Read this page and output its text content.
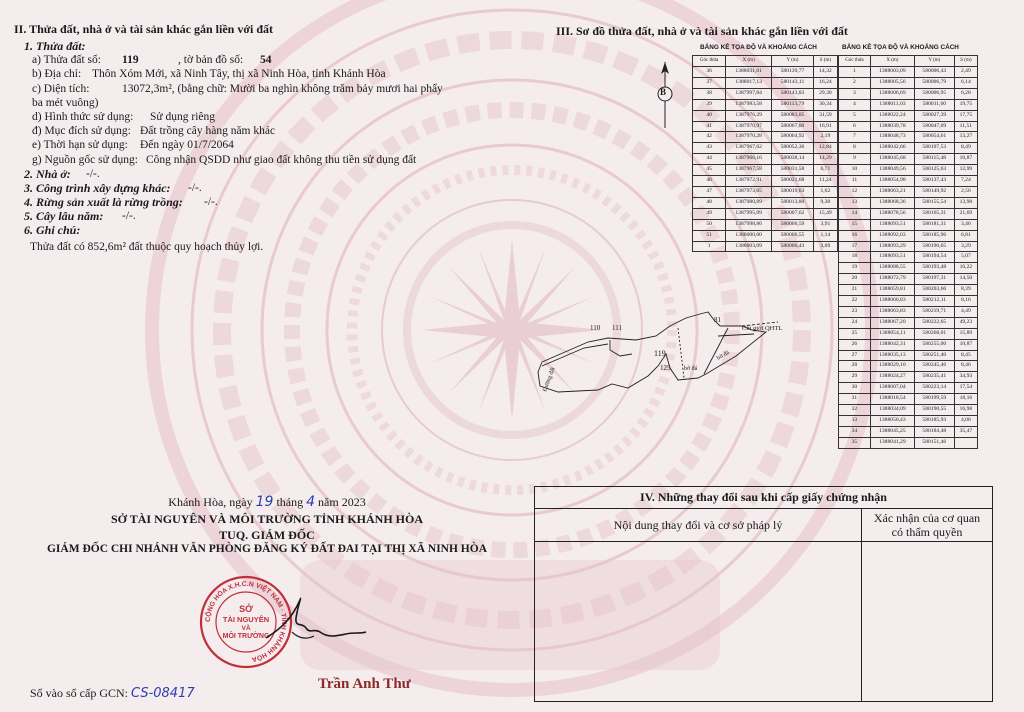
II. Thửa đất, nhà ở và tài sản khác gắn liền với đất
1. Thửa đất:
a) Thửa đất số: 119	, tờ bản đồ số: 54
b) Địa chỉ: Thôn Xóm Mới, xã Ninh Tây, thị xã Ninh Hòa, tỉnh Khánh Hòa
c) Diện tích:	13072,3m², (bằng chữ: Mười ba nghìn không trăm bảy mươi hai phẩy
ba mét vuông)
d) Hình thức sử dụng: Sử dụng riêng
đ) Mục đích sử dụng: Đất trồng cây hàng năm khác
e) Thời hạn sử dụng: Đến ngày 01/7/2064
g) Nguồn gốc sử dụng: Công nhận QSDD như giao đất không thu tiền sử dụng đất
2. Nhà ở: -/-.
3. Công trình xây dựng khác: -/-.
4. Rừng sản xuất là rừng trồng: -/-.
5. Cây lâu năm: -/-.
6. Ghi chú:
Thửa đất có 852,6m² đất thuộc quy hoạch thủy lợi.
III. Sơ đồ thửa đất, nhà ở và tài sản khác gắn liền với đất
BẢNG KÊ TỌA ĐỘ VÀ KHOẢNG CÁCH	BẢNG KÊ TỌA ĐỘ VÀ KHOẢNG CÁCH
Góc thửa	X (m)	Y (m)	S (m)
36	1388031,01	580139,77	14,32
37	1388017,13	580143,11	16,24
38	1387997,84	580143,83	29,30
39	1387983,58	580113,79	30,34
40	1387976,29	580083,05	31,59
41	1387970,97	580067,00	16,91
42	1387970,28	580064,92	2,19
43	1387967,62	580052,36	12,84
44	1387966,16	580038,14	14,29
45	1387967,58	580031,58	6,71
46	1387972,91	580021,68	11,24
47	1387973,65	580019,63	1,62
48	1387980,89	580013,80	9,30
49	1387995,09	580007,62	15,49
50	1387998,86	580006,59	3,91
51	1388000,00	580006,55	1,14
1	1388003,09	580006,43	3,09
Góc thửa	X (m)	Y (m)	S (m)
1	1388003,09	580006,43	2,49
2	1388005,56	580006,79	6,14
3	1388006,69	580006,95	6,28
4	1388011,03	580011,60	19,75
5	1388022,24	580027,39	17,75
6	1388039,78	580047,69	11,51
7	1388048,73	580054,61	13,27
8	1388042,66	580107,53	8,49
9	1388045,68	580115,48	10,87
10	1388049,56	580125,63	12,99
11	1388054,98	580137,43	7,24
12	1388063,21	580149,92	2,56
13	1388068,36	580155,54	13,98
14	1388078,56	580165,31	21,69
15	1388093,51	580181,31	3,46
16	1388092,03	580185,96	6,81
17	1388093,29	580190,65	3,29
18	1388093,51	580194,54	5,07
19	1388088,55	580193,48	16,22
20	1388072,79	580197,31	14,50
21	1388059,81	580203,66	8,39
22	1388060,83	580212,11	8,16
23	1388063,83	580219,71	4,49
24	1388067,20	580222,65	49,23
25	1388054,11	580268,01	15,89
26	1388042,31	580255,00	10,87
27	1388035,13	580251,40	8,45
28	1388029,10	580245,46	8,46
29	1388024,27	580235,41	34,93
30	1388007,04	580223,14	17,54
31	1388018,54	580199,59	18,16
32	1388034,09	580190,55	16,98
33	1388050,43	580185,93	4,08
34	1388045,25	580184,48	35,47
35	1388041,29	580151,46	
B
110 111
81
119
125 bờ đá
bờ đá
Đường đất
Chỉ giới QHTL
Khánh Hòa, ngày 19 tháng 4 năm 2023
SỞ TÀI NGUYÊN VÀ MÔI TRƯỜNG TỈNH KHÁNH HÒA
TUQ. GIÁM ĐỐC
GIÁM ĐỐC CHI NHÁNH VĂN PHÒNG ĐĂNG KÝ ĐẤT ĐAI TẠI THỊ XÃ NINH HÒA
CỘNG HÒA X.H.C.N VIỆT NAM · TỈNH KHÁNH HÒA
SỞ
TÀI NGUYÊN
VÀ
MÔI TRƯỜNG
Trần Anh Thư
Số vào sổ cấp GCN: CS-08417
IV. Những thay đổi sau khi cấp giấy chứng nhận
Nội dung thay đổi và cơ sở pháp lý	Xác nhận của cơ quan
có thẩm quyền
